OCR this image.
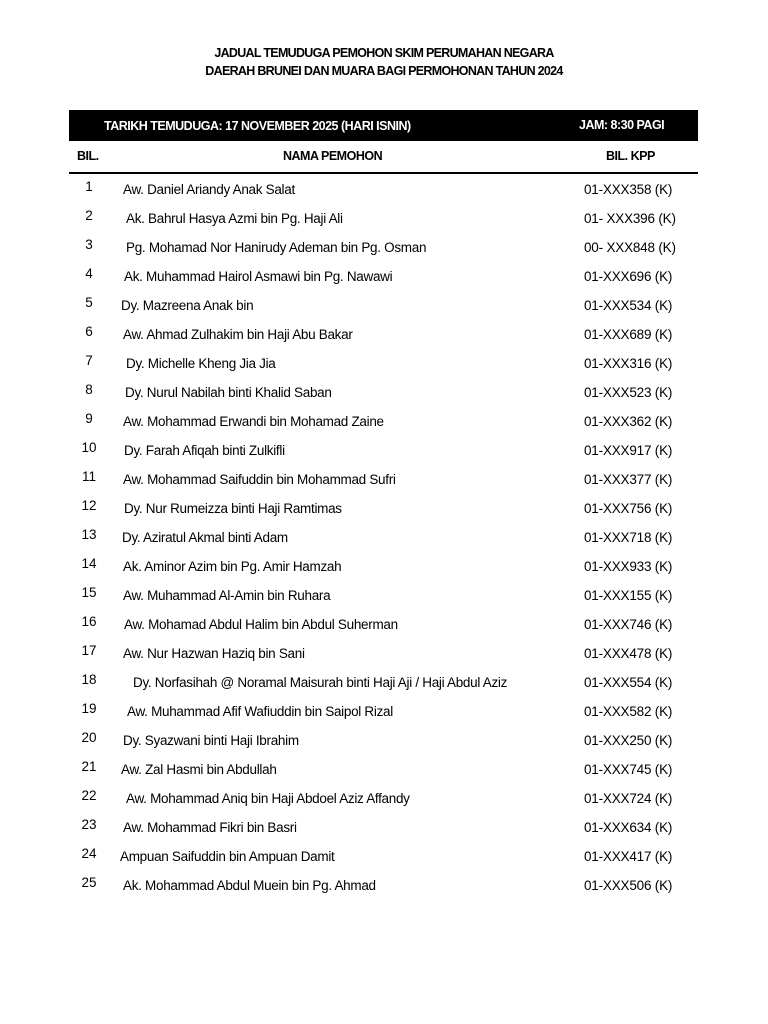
JADUAL TEMUDUGA PEMOHON SKIM PERUMAHAN NEGARA
DAERAH BRUNEI DAN MUARA BAGI PERMOHONAN TAHUN 2024
TARIKH TEMUDUGA: 17 NOVEMBER 2025 (HARI ISNIN)	JAM: 8:30 PAGI
BIL.	NAMA PEMOHON	BIL. KPP
1	Aw. Daniel Ariandy Anak Salat	01-XXX358 (K)
2	Ak. Bahrul Hasya Azmi bin Pg. Haji Ali	01- XXX396 (K)
3	Pg. Mohamad Nor Hanirudy Ademan bin Pg. Osman	00- XXX848 (K)
4	Ak. Muhammad Hairol Asmawi bin Pg. Nawawi	01-XXX696 (K)
5	Dy. Mazreena Anak bin	01-XXX534 (K)
6	Aw. Ahmad Zulhakim bin Haji Abu Bakar	01-XXX689 (K)
7	Dy. Michelle Kheng Jia Jia	01-XXX316 (K)
8	Dy. Nurul Nabilah binti Khalid Saban	01-XXX523 (K)
9	Aw. Mohammad Erwandi bin Mohamad Zaine	01-XXX362 (K)
10	Dy. Farah Afiqah binti Zulkifli	01-XXX917 (K)
11	Aw. Mohammad Saifuddin bin Mohammad Sufri	01-XXX377 (K)
12	Dy. Nur Rumeizza binti Haji Ramtimas	01-XXX756 (K)
13	Dy. Aziratul Akmal binti Adam	01-XXX718 (K)
14	Ak. Aminor Azim bin Pg. Amir Hamzah	01-XXX933 (K)
15	Aw. Muhammad Al-Amin bin Ruhara	01-XXX155 (K)
16	Aw. Mohamad Abdul Halim bin Abdul Suherman	01-XXX746 (K)
17	Aw. Nur Hazwan Haziq bin Sani	01-XXX478 (K)
18	Dy. Norfasihah @ Noramal Maisurah binti Haji Aji / Haji Abdul Aziz	01-XXX554 (K)
19	Aw. Muhammad Afif Wafiuddin bin Saipol Rizal	01-XXX582 (K)
20	Dy. Syazwani binti Haji Ibrahim	01-XXX250 (K)
21	Aw. Zal Hasmi bin Abdullah	01-XXX745 (K)
22	Aw. Mohammad Aniq bin Haji Abdoel Aziz Affandy	01-XXX724 (K)
23	Aw. Mohammad Fikri bin Basri	01-XXX634 (K)
24	Ampuan Saifuddin bin Ampuan Damit	01-XXX417 (K)
25	Ak. Mohammad Abdul Muein bin Pg. Ahmad	01-XXX506 (K)
